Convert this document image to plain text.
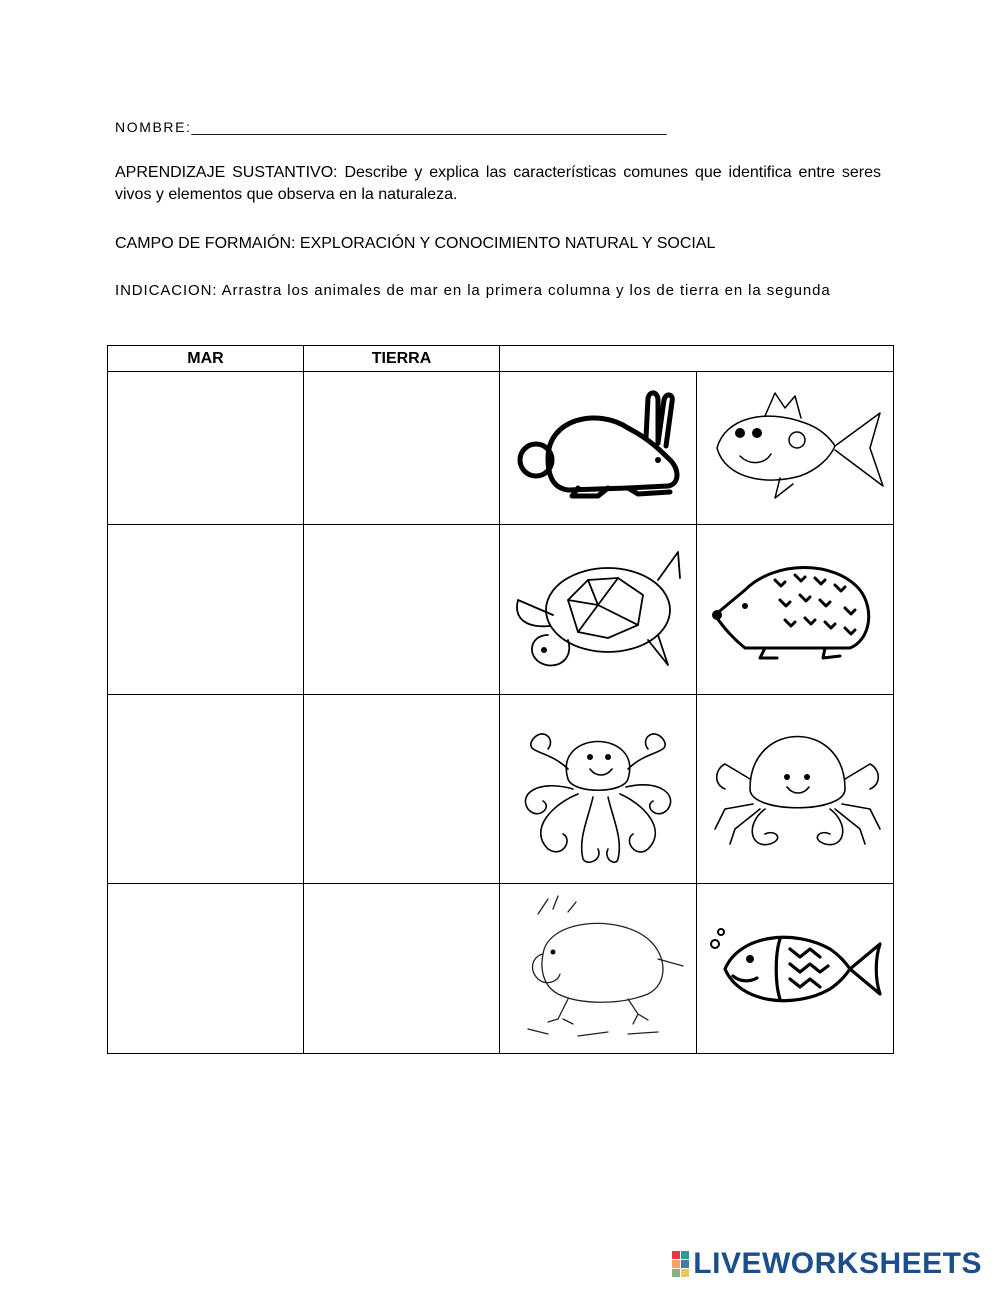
NOMBRE:_____________________________________________________________
APRENDIZAJE SUSTANTIVO: Describe y explica las características comunes que identifica entre seres vivos y elementos que observa en la naturaleza.
CAMPO DE FORMAIÓN: EXPLORACIÓN Y CONOCIMIENTO NATURAL Y SOCIAL
INDICACION: Arrastra los animales de mar en la primera columna y los de tierra en la segunda
MAR	TIERRA		

LIVEWORKSHEETS
